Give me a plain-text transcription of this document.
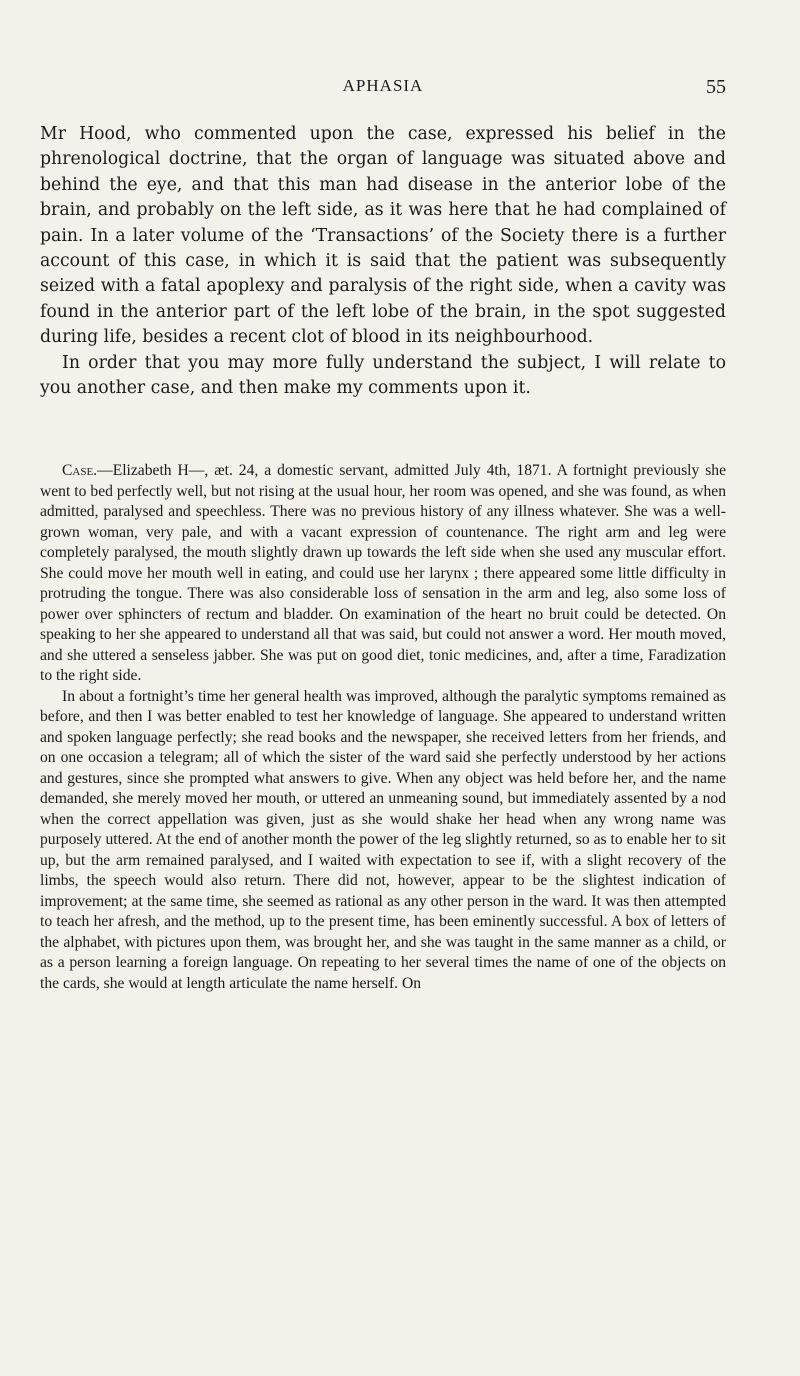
APHASIA	55

Mr Hood, who commented upon the case, expressed his belief in the phrenological doctrine, that the organ of language was situated above and behind the eye, and that this man had disease in the anterior lobe of the brain, and probably on the left side, as it was here that he had complained of pain. In a later volume of the ‘Transactions’ of the Society there is a further account of this case, in which it is said that the patient was subsequently seized with a fatal apoplexy and paralysis of the right side, when a cavity was found in the anterior part of the left lobe of the brain, in the spot suggested during life, besides a recent clot of blood in its neighbourhood.

In order that you may more fully understand the subject, I will relate to you another case, and then make my comments upon it.

Case.—Elizabeth H—, æt. 24, a domestic servant, admitted July 4th, 1871. A fortnight previously she went to bed perfectly well, but not rising at the usual hour, her room was opened, and she was found, as when admitted, paralysed and speechless. There was no previous history of any illness whatever. She was a well-grown woman, very pale, and with a vacant expression of countenance. The right arm and leg were completely paralysed, the mouth slightly drawn up towards the left side when she used any muscular effort. She could move her mouth well in eating, and could use her larynx ; there appeared some little difficulty in protruding the tongue. There was also considerable loss of sensation in the arm and leg, also some loss of power over sphincters of rectum and bladder. On examination of the heart no bruit could be detected. On speaking to her she appeared to understand all that was said, but could not answer a word. Her mouth moved, and she uttered a senseless jabber. She was put on good diet, tonic medicines, and, after a time, Faradization to the right side.

In about a fortnight’s time her general health was improved, although the paralytic symptoms remained as before, and then I was better enabled to test her knowledge of language. She appeared to understand written and spoken language perfectly; she read books and the newspaper, she received letters from her friends, and on one occasion a telegram; all of which the sister of the ward said she perfectly understood by her actions and gestures, since she prompted what answers to give. When any object was held before her, and the name demanded, she merely moved her mouth, or uttered an unmeaning sound, but immediately assented by a nod when the correct appellation was given, just as she would shake her head when any wrong name was purposely uttered. At the end of another month the power of the leg slightly returned, so as to enable her to sit up, but the arm remained paralysed, and I waited with expectation to see if, with a slight recovery of the limbs, the speech would also return. There did not, however, appear to be the slightest indication of improvement; at the same time, she seemed as rational as any other person in the ward. It was then attempted to teach her afresh, and the method, up to the present time, has been eminently successful. A box of letters of the alphabet, with pictures upon them, was brought her, and she was taught in the same manner as a child, or as a person learning a foreign language. On repeating to her several times the name of one of the objects on the cards, she would at length articulate the name herself. On
